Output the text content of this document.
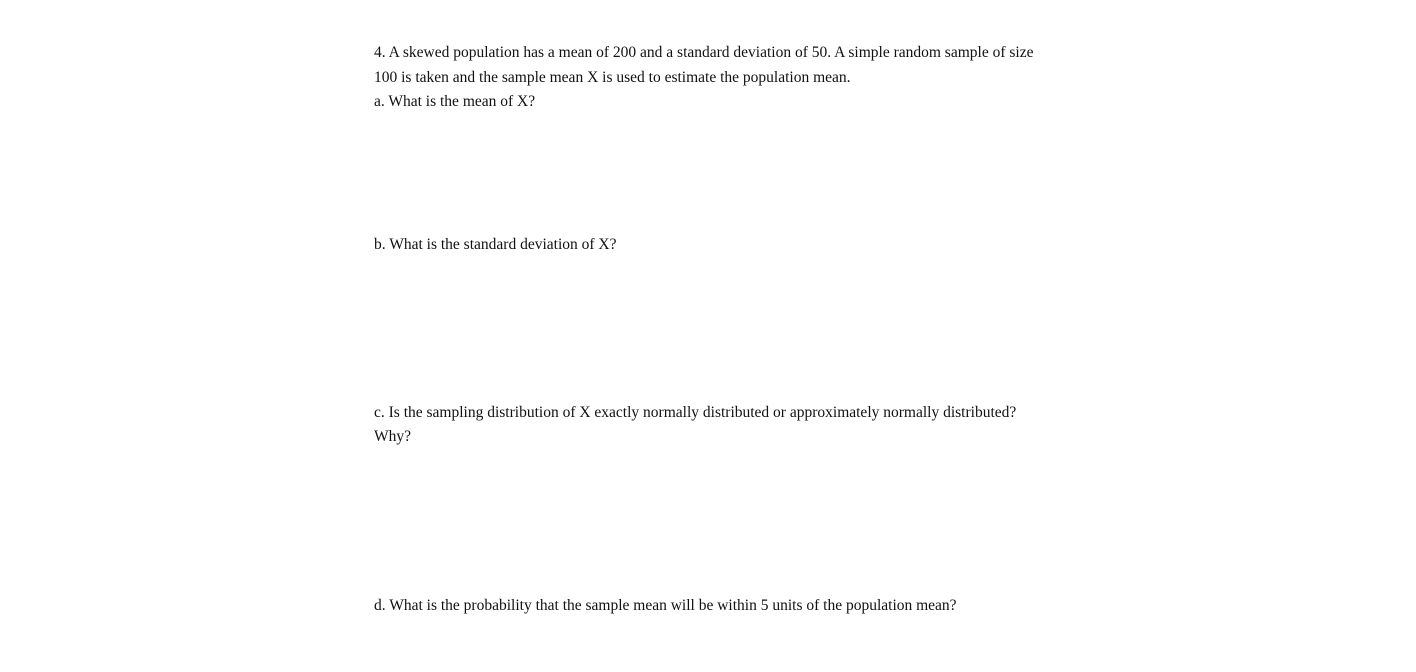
4. A skewed population has a mean of 200 and a standard deviation of 50. A simple random sample of size
100 is taken and the sample mean X is used to estimate the population mean.
a. What is the mean of X?
b. What is the standard deviation of X?
c. Is the sampling distribution of X exactly normally distributed or approximately normally distributed?
Why?
d. What is the probability that the sample mean will be within 5 units of the population mean?
